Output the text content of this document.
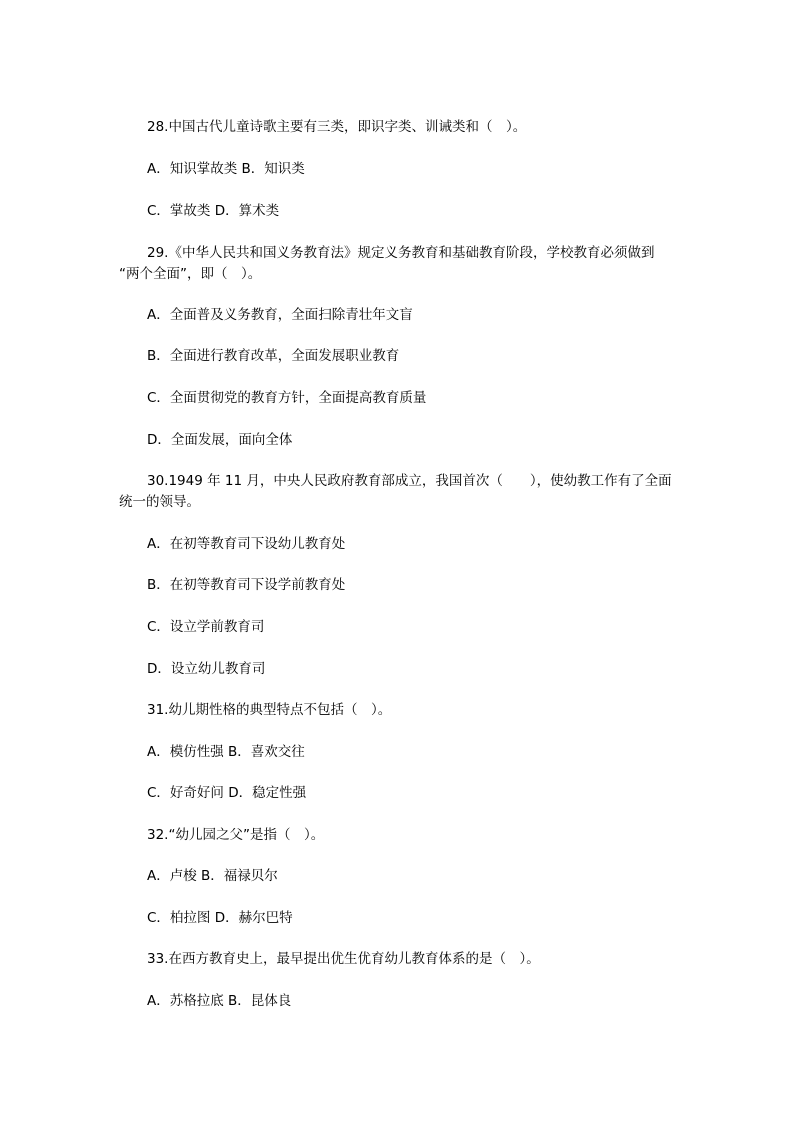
28.中国古代儿童诗歌主要有三类，即识字类、训诫类和（　）。
A．知识掌故类 B．知识类
C．掌故类 D．算术类
29.《中华人民共和国义务教育法》规定义务教育和基础教育阶段，学校教育必须做到
“两个全面”，即（　）。
A．全面普及义务教育，全面扫除青壮年文盲
B．全面进行教育改革，全面发展职业教育
C．全面贯彻党的教育方针，全面提高教育质量
D．全面发展，面向全体
30.1949 年 11 月，中央人民政府教育部成立，我国首次（　　），使幼教工作有了全面
统一的领导。
A．在初等教育司下设幼儿教育处
B．在初等教育司下设学前教育处
C．设立学前教育司
D．设立幼儿教育司
31.幼儿期性格的典型特点不包括（　）。
A．模仿性强 B．喜欢交往
C．好奇好问 D．稳定性强
32.“幼儿园之父”是指（　）。
A．卢梭 B．福禄贝尔
C．柏拉图 D．赫尔巴特
33.在西方教育史上，最早提出优生优育幼儿教育体系的是（　）。
A．苏格拉底 B．昆体良
